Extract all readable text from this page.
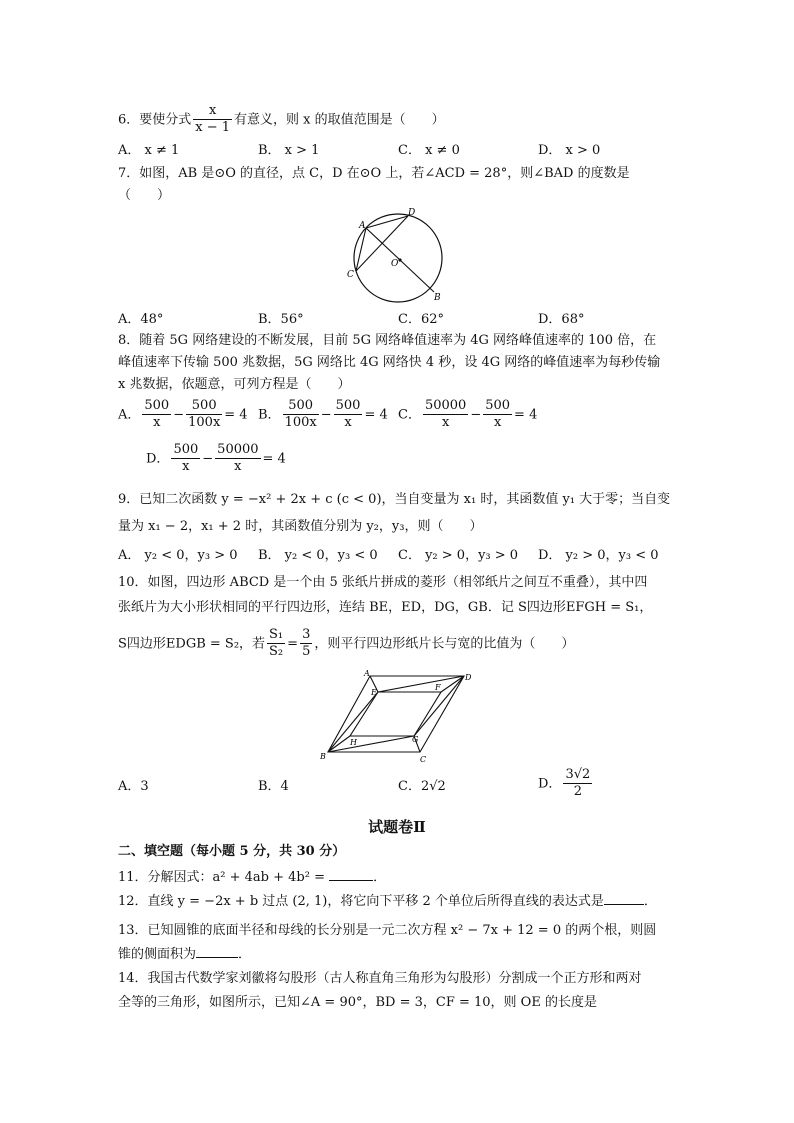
6．要使分式 $\frac{x}{x - 1}$ 有意义，则 x 的取值范围是（　　）
A． x ≠ 1	B． x > 1	C． x ≠ 0	D． x > 0
7．如图，AB 是⊙O 的直径，点 C，D 在⊙O 上，若∠ACD = 28°，则∠BAD 的度数是
（　　）
A
D
C
O
B
A．48°	B．56°	C．62°	D．68°
8．随着 5G 网络建设的不断发展，目前 5G 网络峰值速率为 4G 网络峰值速率的 100 倍，在
峰值速率下传输 500 兆数据，5G 网络比 4G 网络快 4 秒，设 4G 网络的峰值速率为每秒传输
x 兆数据，依题意，可列方程是（　　）
A． $\frac{500}{x} - \frac{500}{100x} = 4$ B． $\frac{500}{100x} - \frac{500}{x} = 4$ C． $\frac{50000}{x} - \frac{500}{x} = 4$
D． $\frac{500}{x} - \frac{50000}{x} = 4$
9．已知二次函数 y = −x² + 2x + c (c < 0)，当自变量为 x₁ 时，其函数值 y₁ 大于零；当自变
量为 x₁ − 2，x₁ + 2 时，其函数值分别为 y₂，y₃，则（　　）
A． y₂ < 0，y₃ > 0 B． y₂ < 0，y₃ < 0 C． y₂ > 0，y₃ > 0 D． y₂ > 0，y₃ < 0
10．如图，四边形 ABCD 是一个由 5 张纸片拼成的菱形（相邻纸片之间互不重叠），其中四
张纸片为大小形状相同的平行四边形，连结 BE，ED，DG，GB．记 S四边形EFGH = S₁，
S四边形EDGB = S₂，若 $\frac{\text{S₁}}{\text{S₂}} = \frac{3}{5}$ ，则平行四边形纸片长与宽的比值为（　　）
A	D
B	C
E
F
G
H
A．3	B．4	C．2√2	D． $\frac{3√2}{2}$
试题卷Ⅱ
二、填空题（每小题 5 分，共 30 分）
11．分解因式：a² + 4ab + 4b² =	．
12．直线 y = −2x + b 过点 (2, 1)，将它向下平移 2 个单位后所得直线的表达式是	．
13．已知圆锥的底面半径和母线的长分别是一元二次方程 x² − 7x + 12 = 0 的两个根，则圆
锥的侧面积为	．
14．我国古代数学家刘徽将勾股形（古人称直角三角形为勾股形）分割成一个正方形和两对
全等的三角形，如图所示，已知∠A = 90°，BD = 3，CF = 10，则 OE 的长度是
